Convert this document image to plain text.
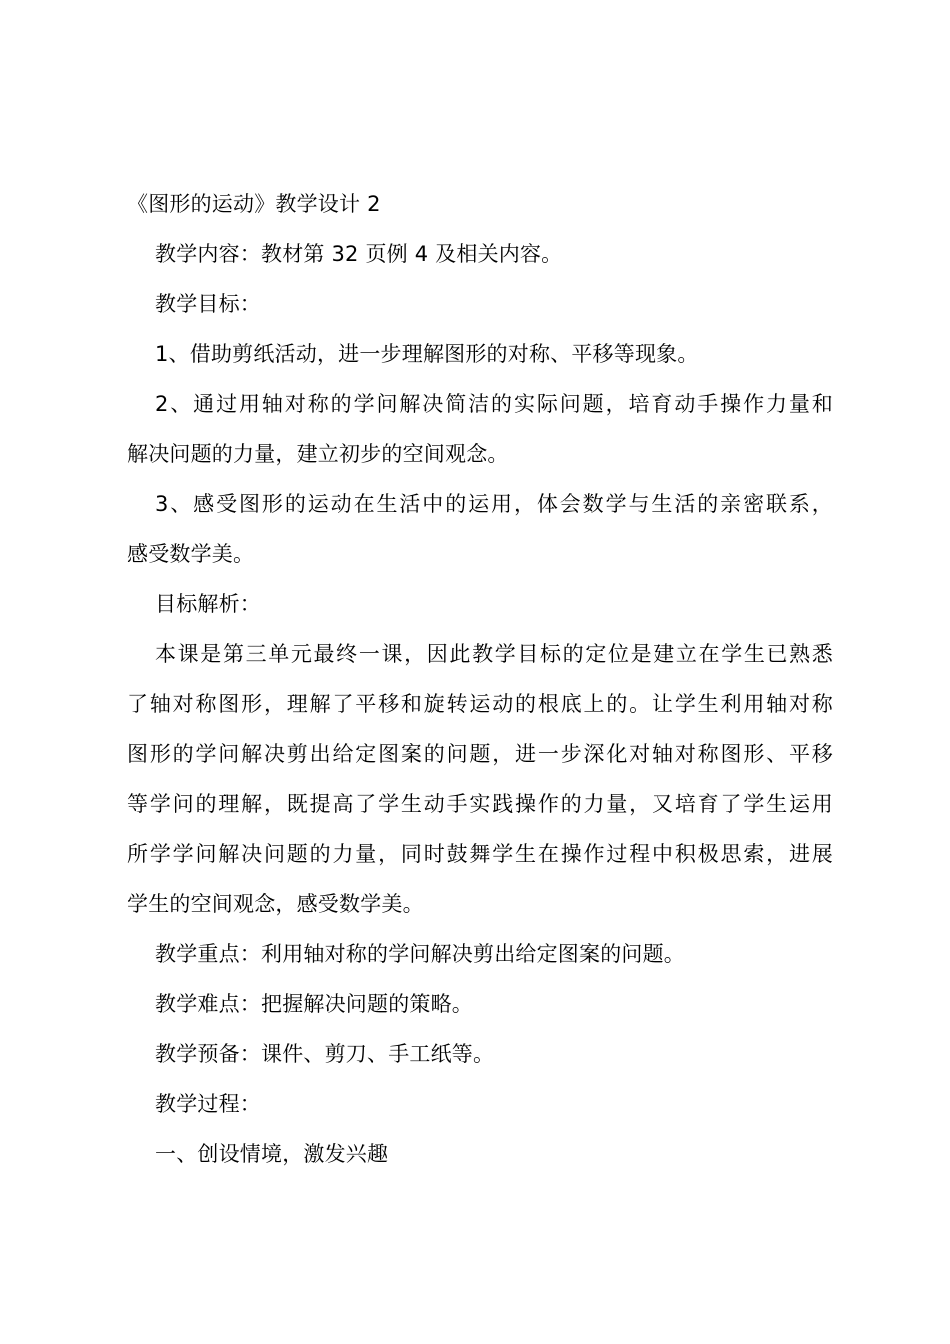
《图形的运动》教学设计 2
教学内容：教材第 32 页例 4 及相关内容。
教学目标：
1、借助剪纸活动，进一步理解图形的对称、平移等现象。
2、通过用轴对称的学问解决简洁的实际问题，培育动手操作力量和
解决问题的力量，建立初步的空间观念。
3、感受图形的运动在生活中的运用，体会数学与生活的亲密联系，
感受数学美。
目标解析：
本课是第三单元最终一课，因此教学目标的定位是建立在学生已熟悉
了轴对称图形，理解了平移和旋转运动的根底上的。让学生利用轴对称
图形的学问解决剪出给定图案的问题，进一步深化对轴对称图形、平移
等学问的理解，既提高了学生动手实践操作的力量，又培育了学生运用
所学学问解决问题的力量，同时鼓舞学生在操作过程中积极思索，进展
学生的空间观念，感受数学美。
教学重点：利用轴对称的学问解决剪出给定图案的问题。
教学难点：把握解决问题的策略。
教学预备：课件、剪刀、手工纸等。
教学过程：
一、创设情境，激发兴趣
